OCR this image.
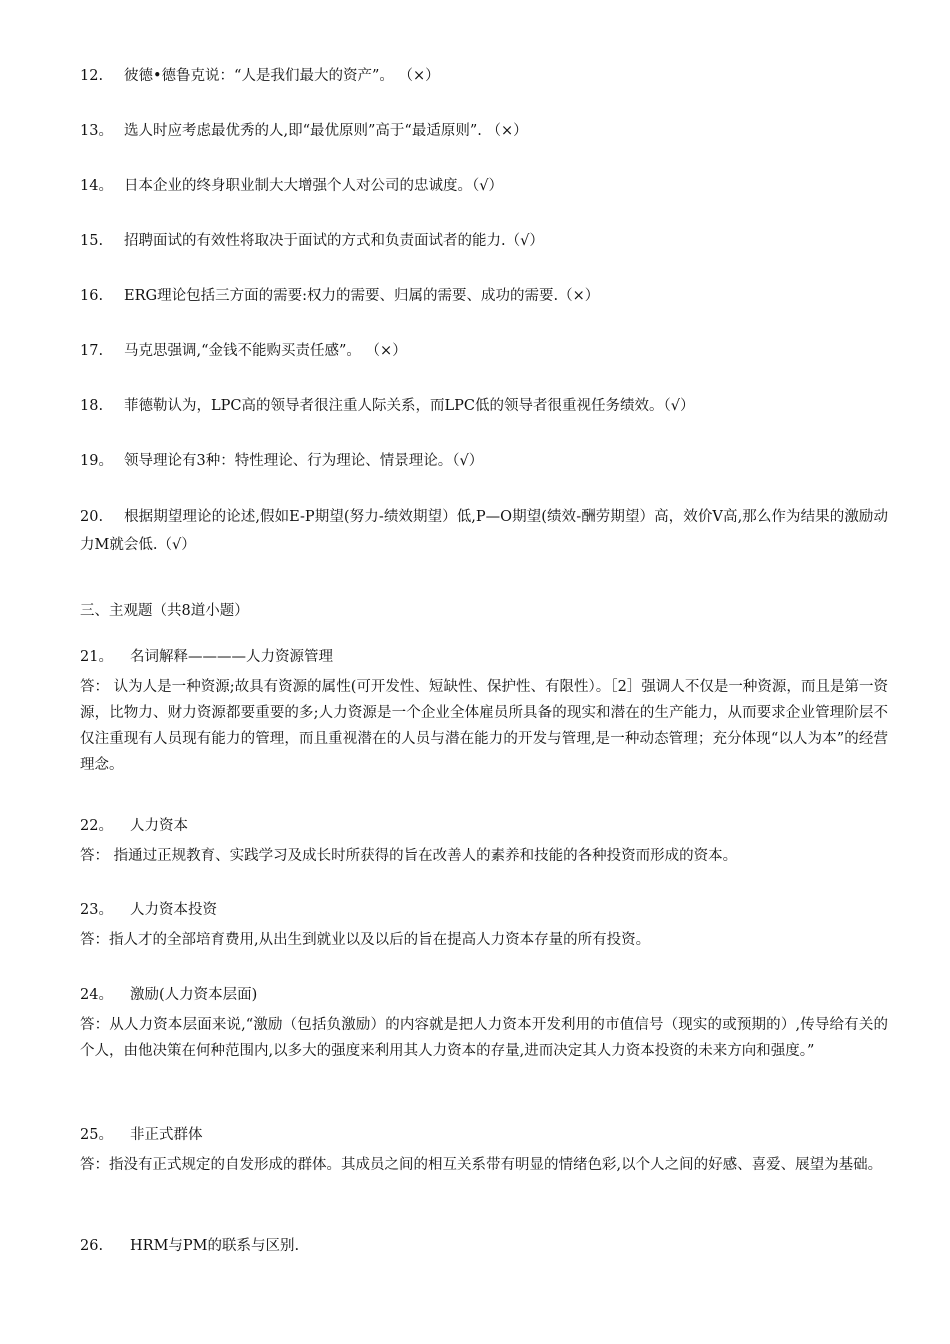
12. 彼德•德鲁克说：“人是我们最大的资产”。 （×）
13。 选人时应考虑最优秀的人,即“最优原则”高于“最适原则”. （×）
14。 日本企业的终身职业制大大增强个人对公司的忠诚度。（√）
15. 招聘面试的有效性将取决于面试的方式和负责面试者的能力.（√）
16. ERG理论包括三方面的需要:权力的需要、归属的需要、成功的需要.（×）
17. 马克思强调,“金钱不能购买责任感”。 （×）
18. 菲德勒认为，LPC高的领导者很注重人际关系，而LPC低的领导者很重视任务绩效。（√）
19。 领导理论有3种：特性理论、行为理论、情景理论。（√）
20. 根据期望理论的论述,假如E-P期望(努力-绩效期望）低,P—O期望(绩效-酬劳期望）高，效价V高,那么作为结果的激励动力M就会低.（√）
三、主观题（共8道小题）
21。 名词解释————人力资源管理
答： 认为人是一种资源;故具有资源的属性(可开发性、短缺性、保护性、有限性）。［2］强调人不仅是一种资源，而且是第一资源，比物力、财力资源都要重要的多;人力资源是一个企业全体雇员所具备的现实和潜在的生产能力，从而要求企业管理阶层不仅注重现有人员现有能力的管理，而且重视潜在的人员与潜在能力的开发与管理,是一种动态管理；充分体现“以人为本”的经营理念。
22。 人力资本
答： 指通过正规教育、实践学习及成长时所获得的旨在改善人的素养和技能的各种投资而形成的资本。
23。 人力资本投资
答：指人才的全部培育费用,从出生到就业以及以后的旨在提高人力资本存量的所有投资。
24。 激励(人力资本层面)
答：从人力资本层面来说,“激励（包括负激励）的内容就是把人力资本开发利用的市值信号（现实的或预期的）,传导给有关的个人，由他决策在何种范围内,以多大的强度来利用其人力资本的存量,进而决定其人力资本投资的未来方向和强度。”
25。 非正式群体
答：指没有正式规定的自发形成的群体。其成员之间的相互关系带有明显的情绪色彩,以个人之间的好感、喜爱、展望为基础。
26. HRM与PM的联系与区别.
